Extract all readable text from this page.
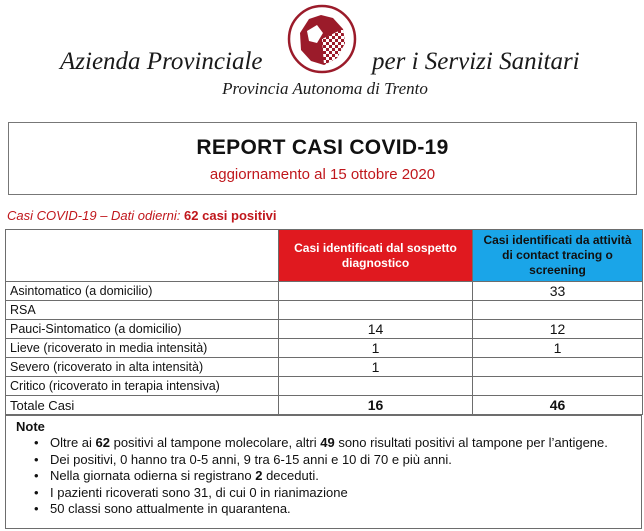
Azienda Provinciale	per i Servizi Sanitari
Provincia Autonoma di Trento
REPORT CASI COVID-19
aggiornamento al 15 ottobre 2020
Casi COVID-19 – Dati odierni: 62 casi positivi
	Casi identificati dal sospetto diagnostico	Casi identificati da attività di contact tracing o screening
Asintomatico (a domicilio)		33
RSA		
Pauci-Sintomatico (a domicilio)	14	12
Lieve (ricoverato in media intensità)	1	1
Severo (ricoverato in alta intensità)	1	
Critico (ricoverato in terapia intensiva)		
Totale Casi	16	46
Note
• Oltre ai 62 positivi al tampone molecolare, altri 49 sono risultati positivi al tampone per l’antigene.
• Dei positivi, 0 hanno tra 0-5 anni, 9 tra 6-15 anni e 10 di 70 e più anni.
• Nella giornata odierna si registrano 2 deceduti.
• I pazienti ricoverati sono 31, di cui 0 in rianimazione
• 50 classi sono attualmente in quarantena.
